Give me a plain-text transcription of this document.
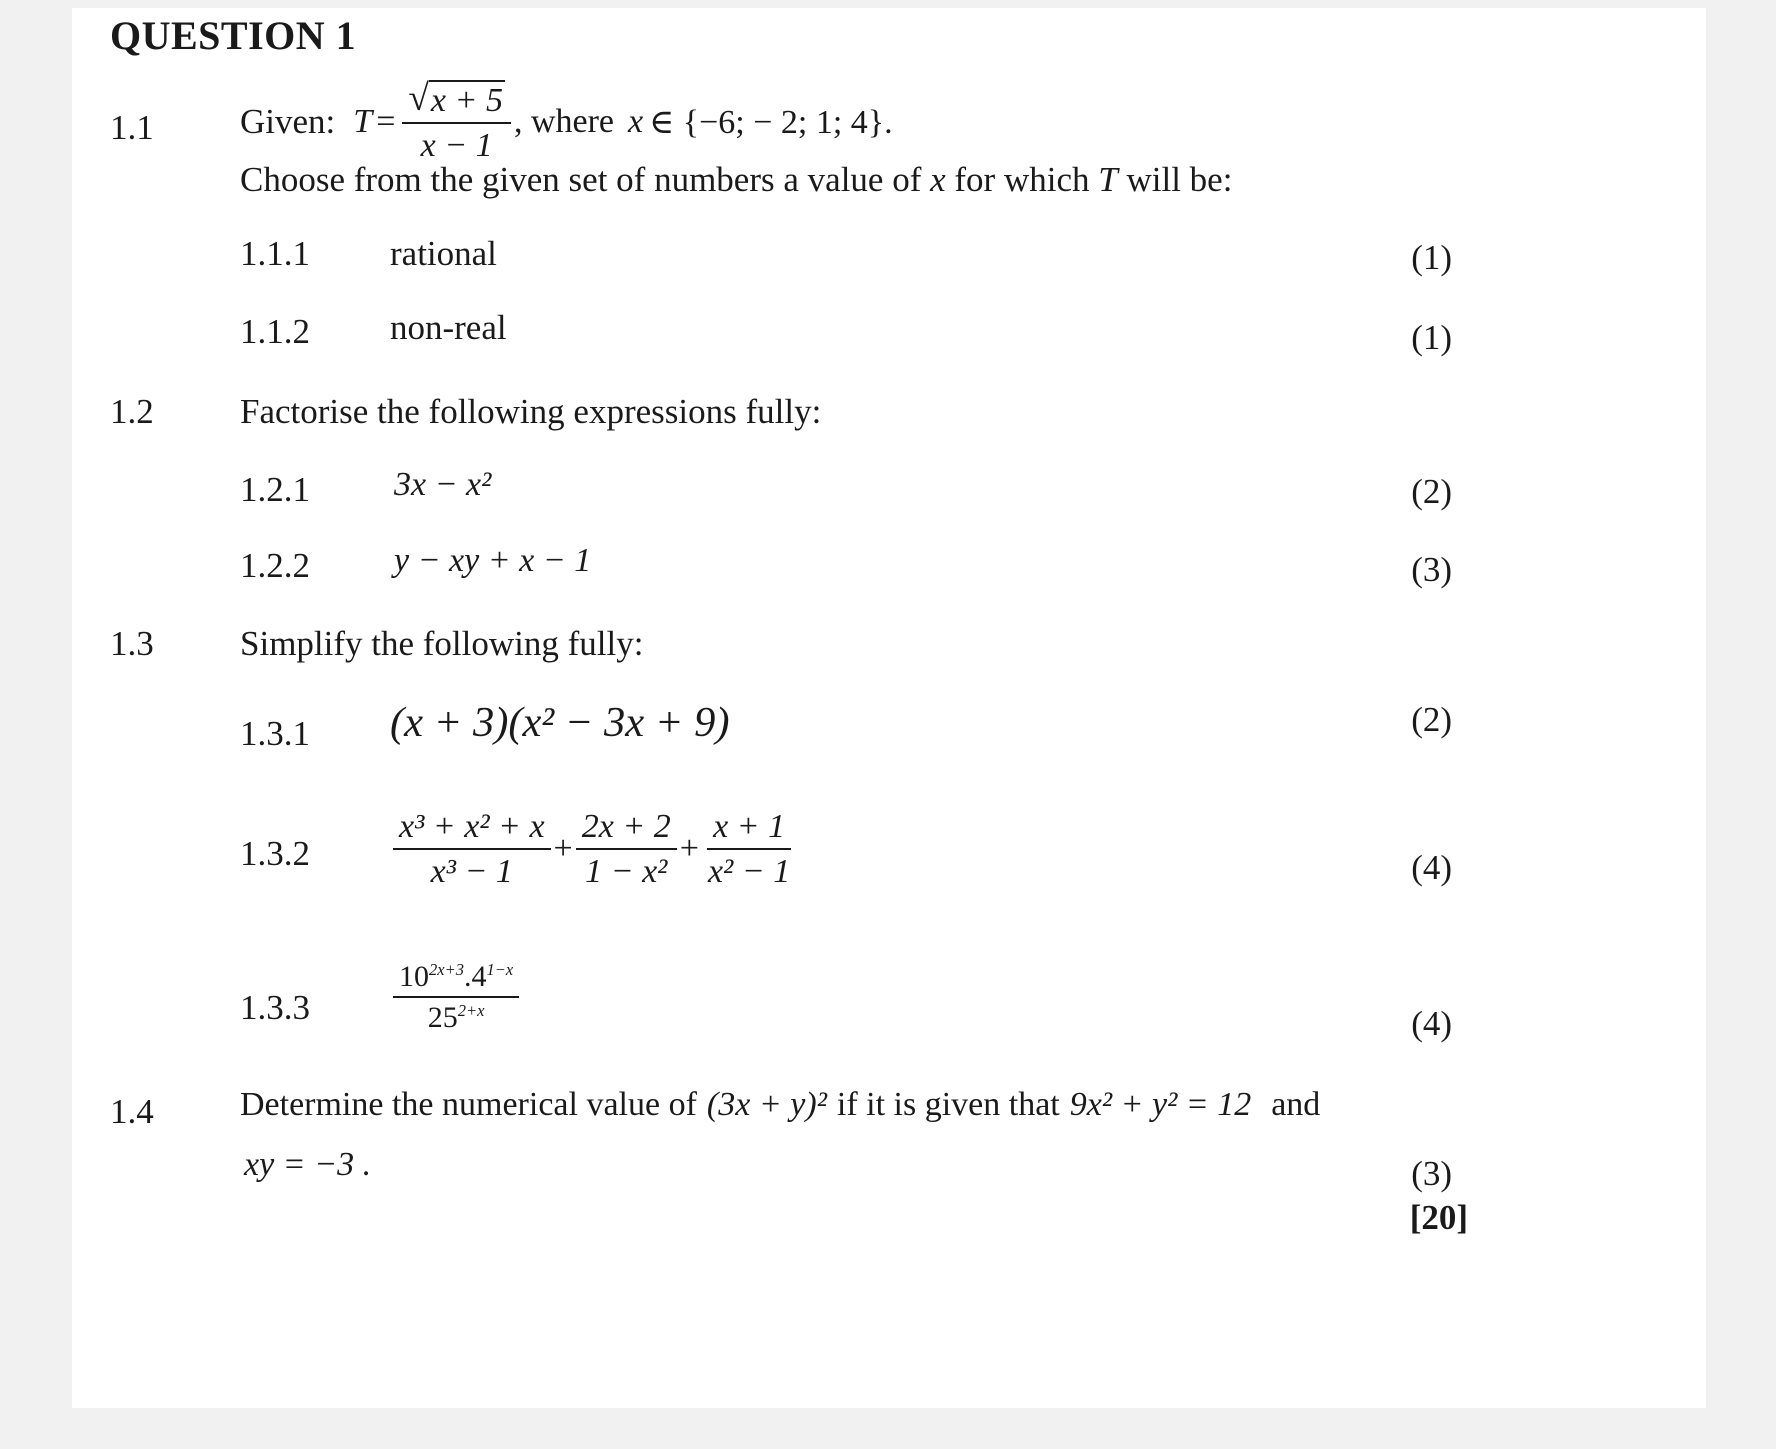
QUESTION 1
1.1 Given: $T = \frac{√ x + 5}{x - 1}$ , where x ∈ {−6; − 2; 1; 4}.
Choose from the given set of numbers a value of x for which T will be:
1.1.1 rational	(1)
1.1.2 non-real	(1)
1.2 Factorise the following expressions fully:
1.2.1 3x − x²	(2)
1.2.2 y − xy + x − 1	(3)
1.3 Simplify the following fully:
1.3.1 (x + 3)(x² − 3x + 9)	(2)
$1.3.2 \frac{\text{x³ + x² + x}}{\text{x³ − 1}} + \frac{2x + 2}{\text{1 − x²}} + \frac{x + 1}{\text{x² − 1}}$	(4)
1.3.3	$\frac{10^{2x+3}.4^{1-x}}{25^{2+x}}$	(4)
1.4	Determine the numerical value of (3x + y)² if it is given that 9x² + y² = 12 and
xy = −3 .	(3)
[20]
